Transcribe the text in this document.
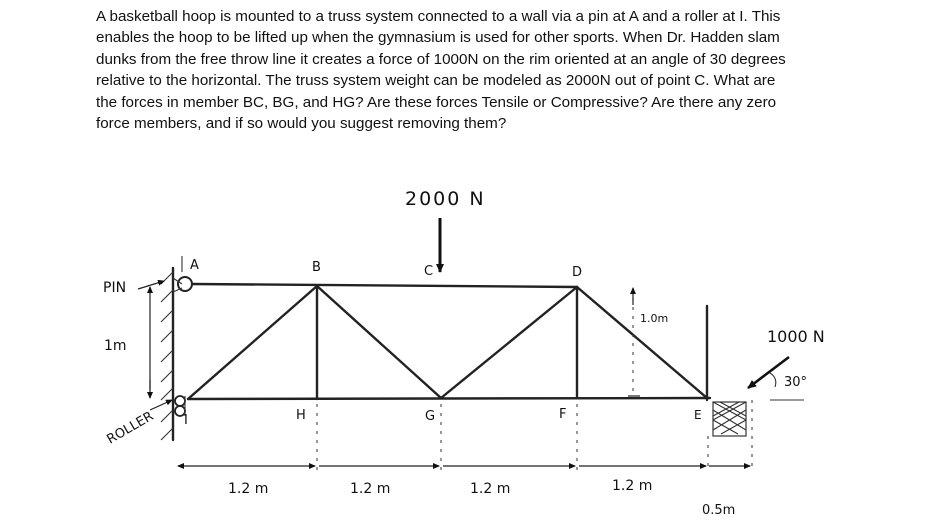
A basketball hoop is mounted to a truss system connected to a wall via a pin at A and a roller at I. This

enables the hoop to be lifted up when the gymnasium is used for other sports. When Dr. Hadden slam

dunks from the free throw line it creates a force of 1000N on the rim oriented at an angle of 30 degrees

relative to the horizontal. The truss system weight can be modeled as 2000N out of point C. What are

the forces in member BC, BG, and HG? Are these forces Tensile or Compressive? Are there any zero

force members, and if so would you suggest removing them?

2000 N
1000 N
30°
1.0m
1m
PIN
ROLLER
A	B	C	D
E
F
G
H
I
1.2 m	1.2 m	1.2 m	1.2 m
0.5m
